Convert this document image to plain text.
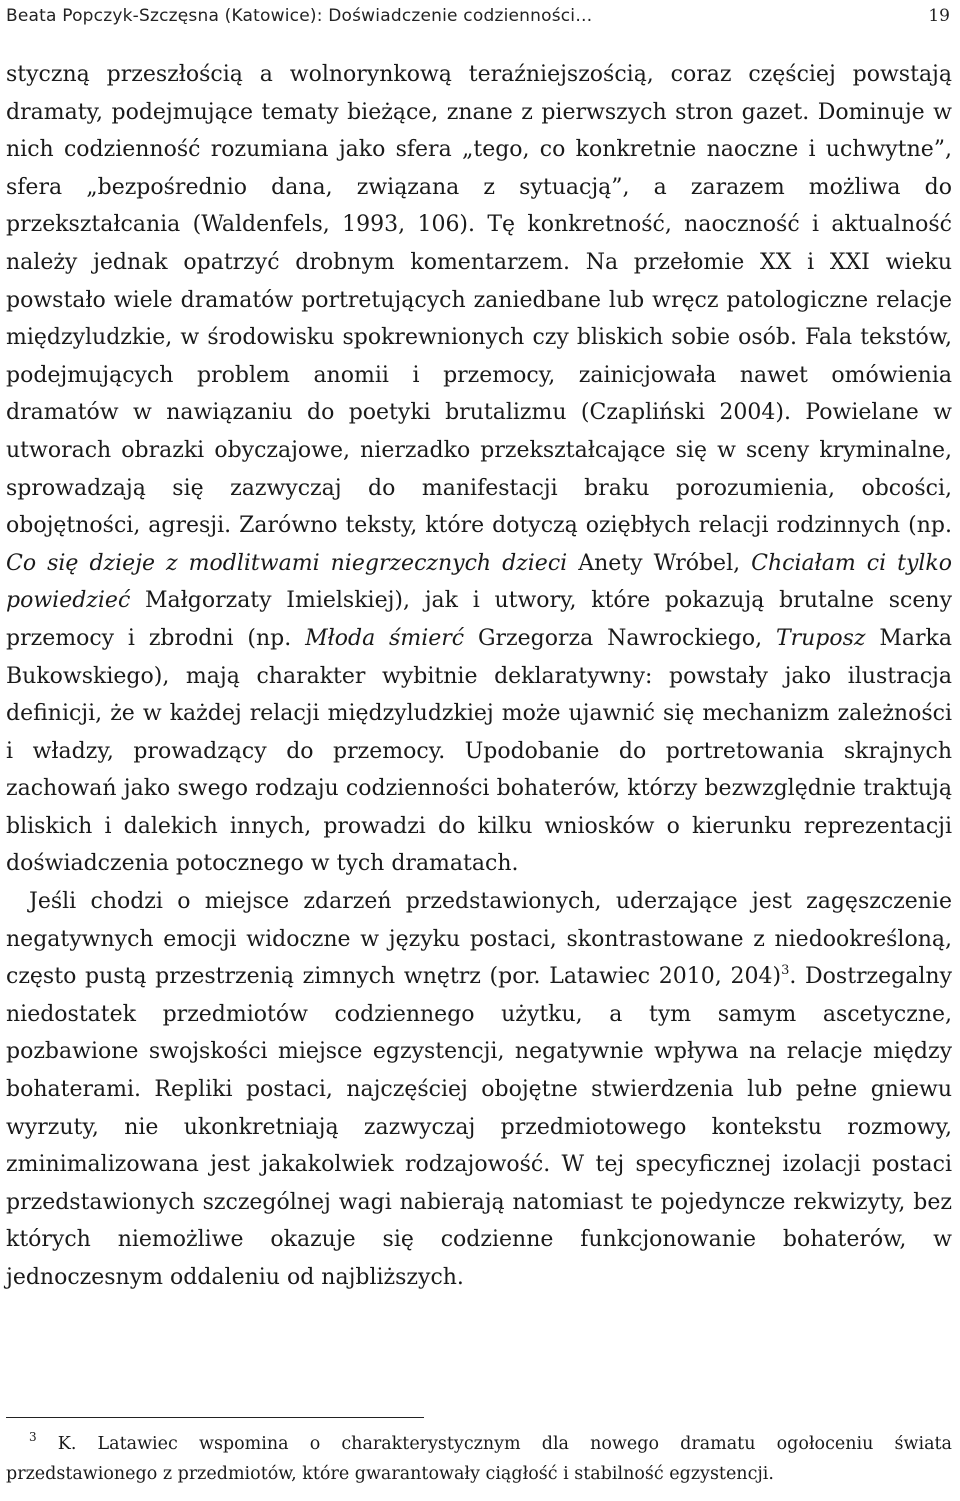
Beata Popczyk-Szczęsna (Katowice): Doświadczenie codzienności…	19

styczną przeszłością a wolnorynkową teraźniejszością, coraz częściej powstają dramaty, podejmujące tematy bieżące, znane z pierwszych stron gazet. Dominuje w nich codzienność rozumiana jako sfera „tego, co konkretnie naoczne i uchwytne”, sfera „bezpośrednio dana, związana z sytuacją”, a zarazem możliwa do przekształcania (Waldenfels, 1993, 106). Tę konkretność, naoczność i aktualność należy jednak opatrzyć drobnym komentarzem. Na przełomie XX i XXI wieku powstało wiele dramatów portretujących zaniedbane lub wręcz patologiczne relacje międzyludzkie, w środowisku spokrewnionych czy bliskich sobie osób. Fala tekstów, podejmujących problem anomii i przemocy, zainicjowała nawet omówienia dramatów w nawiązaniu do poetyki brutalizmu (Czapliński 2004). Powielane w utworach obrazki obyczajowe, nierzadko przekształcające się w sceny kryminalne, sprowadzają się zazwyczaj do manifestacji braku porozumienia, obcości, obojętności, agresji. Zarówno teksty, które dotyczą oziębłych relacji rodzinnych (np. Co się dzieje z modlitwami niegrzecznych dzieci Anety Wróbel, Chciałam ci tylko powiedzieć Małgorzaty Imielskiej), jak i utwory, które pokazują brutalne sceny przemocy i zbrodni (np. Młoda śmierć Grzegorza Nawrockiego, Truposz Marka Bukowskiego), mają charakter wybitnie deklaratywny: powstały jako ilustracja definicji, że w każdej relacji międzyludzkiej może ujawnić się mechanizm zależności i władzy, prowadzący do przemocy. Upodobanie do portretowania skrajnych zachowań jako swego rodzaju codzienności bohaterów, którzy bezwzględnie traktują bliskich i dalekich innych, prowadzi do kilku wniosków o kierunku reprezentacji doświadczenia potocznego w tych dramatach.

Jeśli chodzi o miejsce zdarzeń przedstawionych, uderzające jest zagęszczenie negatywnych emocji widoczne w języku postaci, skontrastowane z niedookreśloną, często pustą przestrzenią zimnych wnętrz (por. Latawiec 2010, 204)$^3$. Dostrzegalny niedostatek przedmiotów codziennego użytku, a tym samym ascetyczne, pozbawione swojskości miejsce egzystencji, negatywnie wpływa na relacje między bohaterami. Repliki postaci, najczęściej obojętne stwierdzenia lub pełne gniewu wyrzuty, nie ukonkretniają zazwyczaj przedmiotowego kontekstu rozmowy, zminimalizowana jest jakakolwiek rodzajowość. W tej specyficznej izolacji postaci przedstawionych szczególnej wagi nabierają natomiast te pojedyncze rekwizyty, bez których niemożliwe okazuje się codzienne funkcjonowanie bohaterów, w jednoczesnym oddaleniu od najbliższych.

$^3$ K. Latawiec wspomina o charakterystycznym dla nowego dramatu ogołoceniu świata przedstawionego z przedmiotów, które gwarantowały ciągłość i stabilność egzystencji.
